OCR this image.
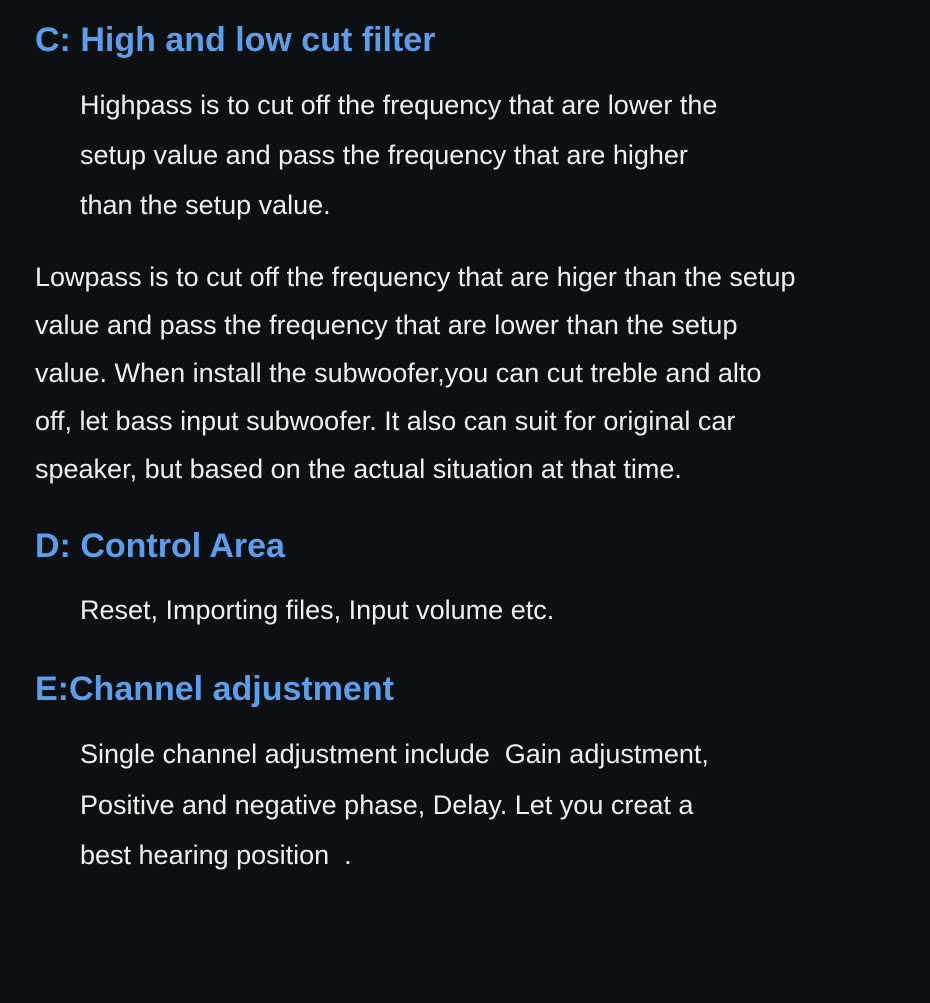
C: High and low cut filter

Highpass is to cut off the frequency that are lower the

setup value and pass the frequency that are higher

than the setup value.

Lowpass is to cut off the frequency that are higer than the setup

value and pass the frequency that are lower than the setup

value. When install the subwoofer,you can cut treble and alto

off, let bass input subwoofer. It also can suit for original car

speaker, but based on the actual situation at that time.

D: Control Area

Reset, Importing files, Input volume etc.

E:Channel adjustment

Single channel adjustment include  Gain adjustment,

Positive and negative phase, Delay. Let you creat a

best hearing position  .
